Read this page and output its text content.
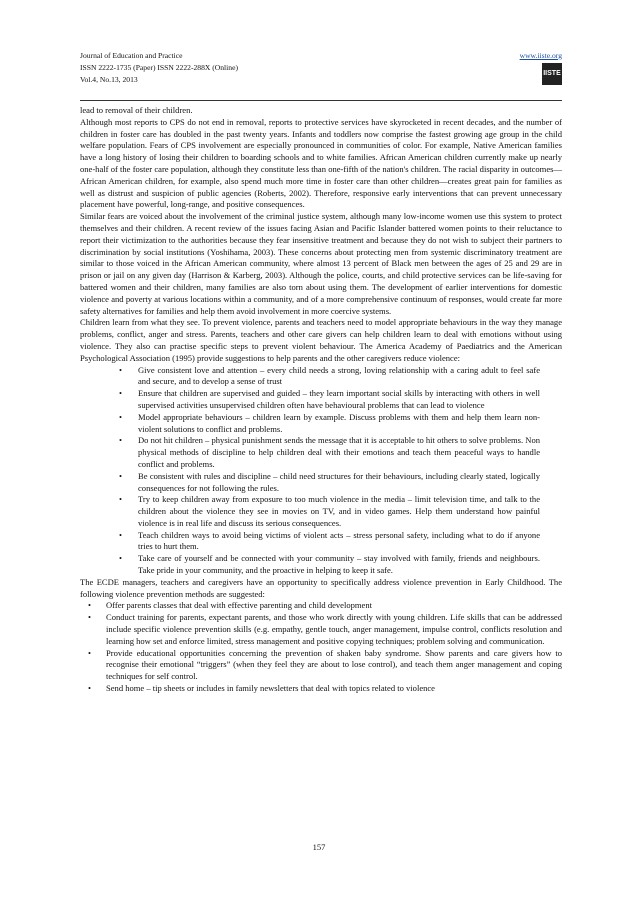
Journal of Education and Practice
ISSN 2222-1735 (Paper) ISSN 2222-288X (Online)
Vol.4, No.13, 2013
www.iiste.org
IISTE

lead to removal of their children.

Although most reports to CPS do not end in removal, reports to protective services have skyrocketed in recent decades, and the number of children in foster care has doubled in the past twenty years. Infants and toddlers now comprise the fastest growing age group in the child welfare population. Fears of CPS involvement are especially pronounced in communities of color. For example, Native American families have a long history of losing their children to boarding schools and to white families. African American children currently make up nearly one-half of the foster care population, although they constitute less than one-fifth of the nation's children. The racial disparity in outcomes—African American children, for example, also spend much more time in foster care than other children—creates great pain for families as well as distrust and suspicion of public agencies (Roberts, 2002). Therefore, responsive early interventions that can prevent unnecessary placement have powerful, long-range, and positive consequences.

Similar fears are voiced about the involvement of the criminal justice system, although many low-income women use this system to protect themselves and their children. A recent review of the issues facing Asian and Pacific Islander battered women points to their reluctance to report their victimization to the authorities because they fear insensitive treatment and because they do not wish to subject their partners to discrimination by social institutions (Yoshihama, 2003). These concerns about protecting men from systemic discriminatory treatment are similar to those voiced in the African American community, where almost 13 percent of Black men between the ages of 25 and 29 are in prison or jail on any given day (Harrison & Karberg, 2003). Although the police, courts, and child protective services can be life-saving for battered women and their children, many families are also torn about using them. The development of earlier interventions for domestic violence and poverty at various locations within a community, and of a more comprehensive continuum of responses, would create far more safety alternatives for families and help them avoid involvement in more coercive systems.

Children learn from what they see. To prevent violence, parents and teachers need to model appropriate behaviours in the way they manage problems, conflict, anger and stress. Parents, teachers and other care givers can help children learn to deal with emotions without using violence. They also can practise specific steps to prevent violent behaviour. The America Academy of Paediatrics and the American Psychological Association (1995) provide suggestions to help parents and the other caregivers reduce violence:

• Give consistent love and attention – every child needs a strong, loving relationship with a caring adult to feel safe and secure, and to develop a sense of trust
• Ensure that children are supervised and guided – they learn important social skills by interacting with others in well supervised activities unsupervised children often have behavioural problems that can lead to violence
• Model appropriate behaviours – children learn by example. Discuss problems with them and help them learn non-violent solutions to conflict and problems.
• Do not hit children – physical punishment sends the message that it is acceptable to hit others to solve problems. Non physical methods of discipline to help children deal with their emotions and teach them peaceful ways to handle conflict and problems.
• Be consistent with rules and discipline – child need structures for their behaviours, including clearly stated, logically consequences for not following the rules.
• Try to keep children away from exposure to too much violence in the media – limit television time, and talk to the children about the violence they see in movies on TV, and in video games. Help them understand how painful violence is in real life and discuss its serious consequences.
• Teach children ways to avoid being victims of violent acts – stress personal safety, including what to do if anyone tries to hurt them.
• Take care of yourself and be connected with your community – stay involved with family, friends and neighbours. Take pride in your community, and the proactive in helping to keep it safe.

The ECDE managers, teachers and caregivers have an opportunity to specifically address violence prevention in Early Childhood. The following violence prevention methods are suggested:

• Offer parents classes that deal with effective parenting and child development
• Conduct training for parents, expectant parents, and those who work directly with young children. Life skills that can be addressed include specific violence prevention skills (e.g. empathy, gentle touch, anger management, impulse control, conflicts resolution and learning how set and enforce limited, stress management and positive copying techniques; problem solving and communication.
• Provide educational opportunities concerning the prevention of shaken baby syndrome. Show parents and care givers how to recognise their emotional “triggers” (when they feel they are about to lose control), and teach them anger management and coping techniques for self control.
• Send home – tip sheets or includes in family newsletters that deal with topics related to violence
157
